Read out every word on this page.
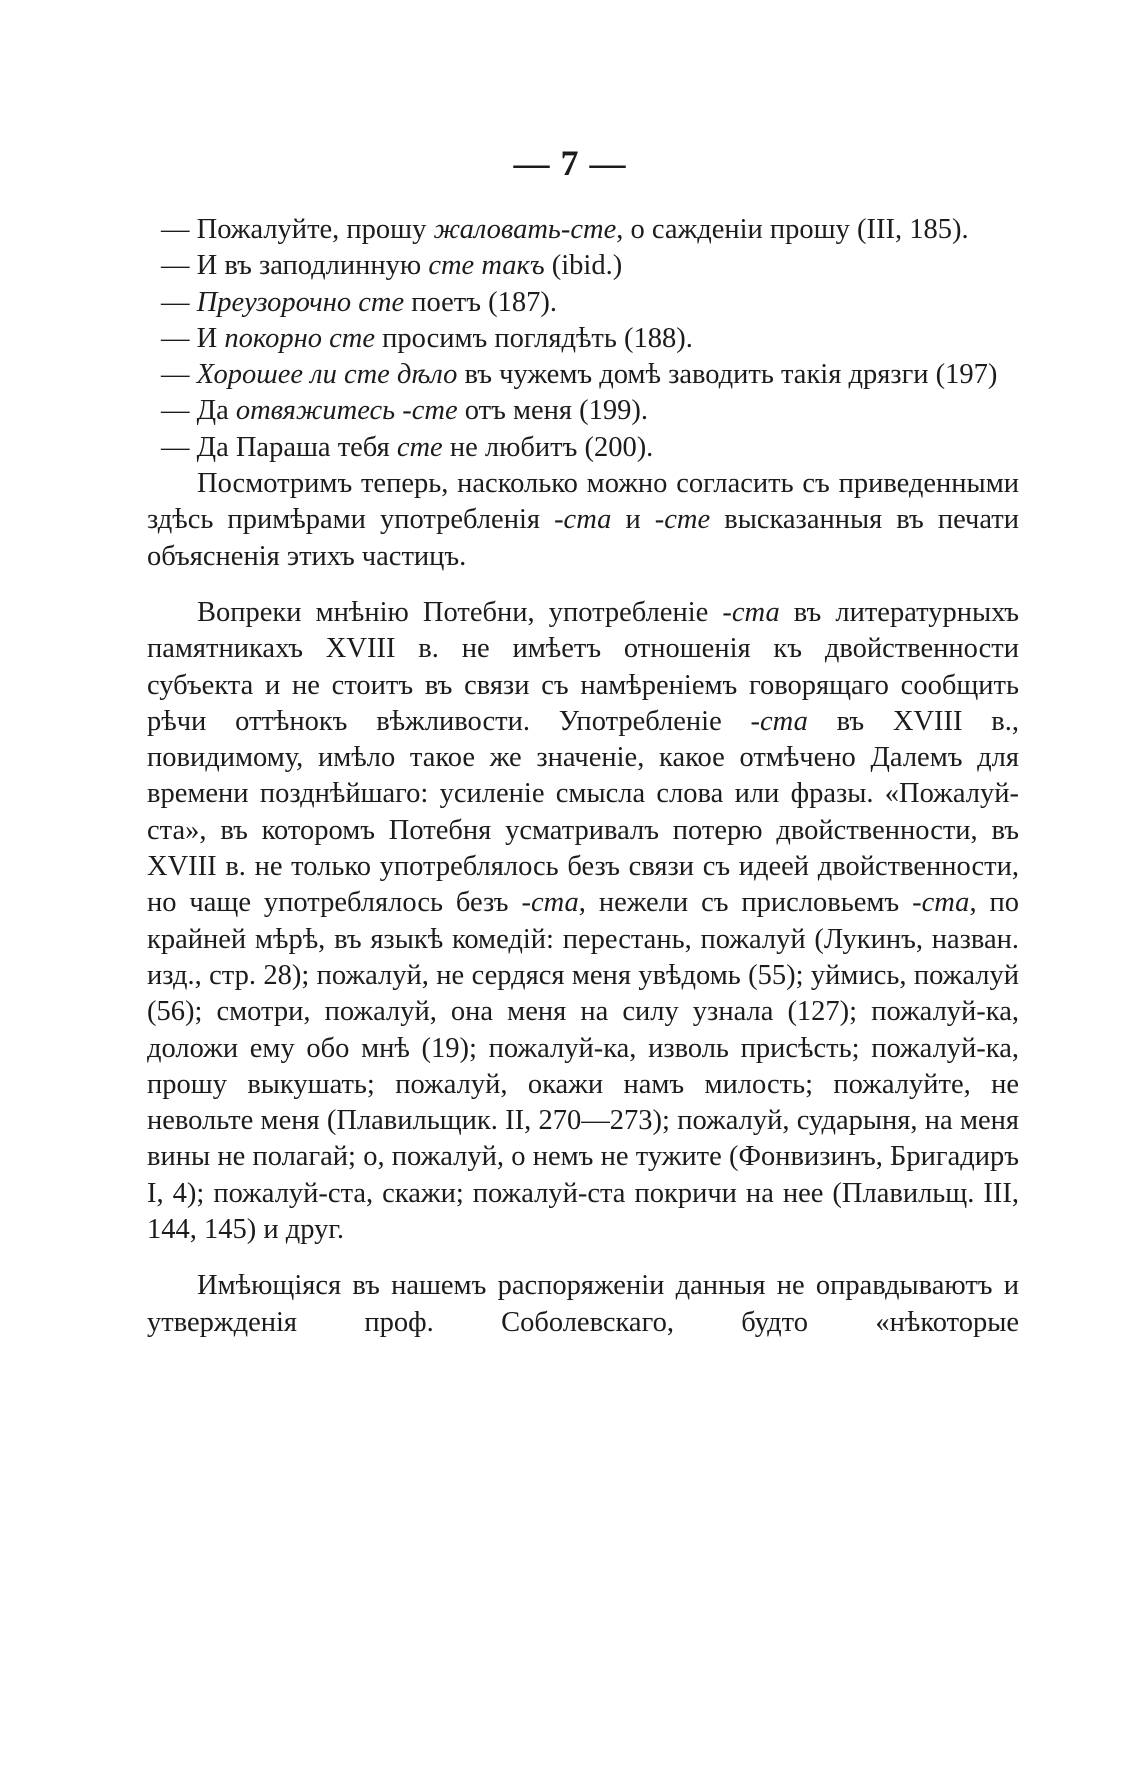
— 7 —

— Пожалуйте, прошу жаловать-сте, о сажденіи прошу (III, 185).

— И въ заподлинную сте такъ (ibid.)

— Преузорочно сте поетъ (187).

— И покорно сте просимъ поглядѣть (188).

— Хорошее ли сте дѣло въ чужемъ домѣ заводить такія дрязги (197)

— Да отвяжитесь -сте отъ меня (199).

— Да Параша тебя сте не любитъ (200).

Посмотримъ теперь, насколько можно согласить съ приведенными здѣсь примѣрами употребленія -ста и -сте высказанныя въ печати объясненія этихъ частицъ.

Вопреки мнѣнію Потебни, употребленіе -ста въ литературныхъ памятникахъ XVIII в. не имѣетъ отношенія къ двойственности субъекта и не стоитъ въ связи съ намѣреніемъ говорящаго сообщить рѣчи оттѣнокъ вѣжливости. Употребленіе -ста въ XVIII в., повидимому, имѣло такое же значеніе, какое отмѣчено Далемъ для времени позднѣйшаго: усиленіе смысла слова или фразы. «Пожалуй-ста», въ которомъ Потебня усматривалъ потерю двойственности, въ XVIII в. не только употреблялось безъ связи съ идеей двойственности, но чаще употреблялось безъ -ста, нежели съ присловьемъ -ста, по крайней мѣрѣ, въ языкѣ комедій: перестань, пожалуй (Лукинъ, назван. изд., стр. 28); пожалуй, не сердяся меня увѣдомь (55); уймись, пожалуй (56); смотри, пожалуй, она меня на силу узнала (127); пожалуй-ка, доложи ему обо мнѣ (19); пожалуй-ка, изволь присѣсть; пожалуй-ка, прошу выкушать; пожалуй, окажи намъ милость; пожалуйте, не невольте меня (Плавильщик. II, 270—273); пожалуй, сударыня, на меня вины не полагай; о, пожалуй, о немъ не тужите (Фонвизинъ, Бригадиръ I, 4); пожалуй-ста, скажи; пожалуй-ста покричи на нее (Плавильщ. III, 144, 145) и друг.

Имѣющіяся въ нашемъ распоряженіи данныя не оправдываютъ и утвержденія проф. Соболевскаго, будто «нѣкоторые
